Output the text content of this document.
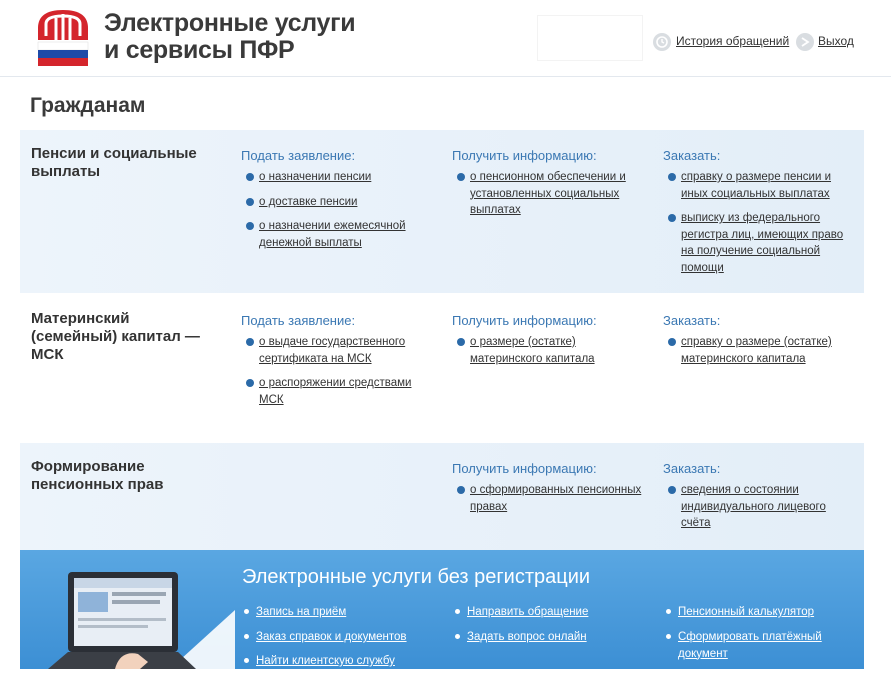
Электронные услуги
и сервисы ПФР	История обращений Выход
Гражданам
Пенсии и социальные выплаты
Подать заявление:
о назначении пенсии
о доставке пенсии
о назначении ежемесячной денежной выплаты
Получить информацию:
о пенсионном обеспечении и установленных социальных выплатах
Заказать:
справку о размере пенсии и иных социальных выплатах
выписку из федерального регистра лиц, имеющих право на получение социальной помощи
Материнский (семейный) капитал — МСК
Подать заявление:
о выдаче государственного сертификата на МСК
о распоряжении средствами МСК
Получить информацию:
о размере (остатке) материнского капитала
Заказать:
справку о размере (остатке) материнского капитала
Формирование пенсионных прав
Получить информацию:
о сформированных пенсионных правах
Заказать:
сведения о состоянии индивидуального лицевого счёта
Электронные услуги без регистрации
Запись на приём
Заказ справок и документов
Найти клиентскую службу
Направить обращение
Задать вопрос онлайн
Пенсионный калькулятор
Сформировать платёжный документ
